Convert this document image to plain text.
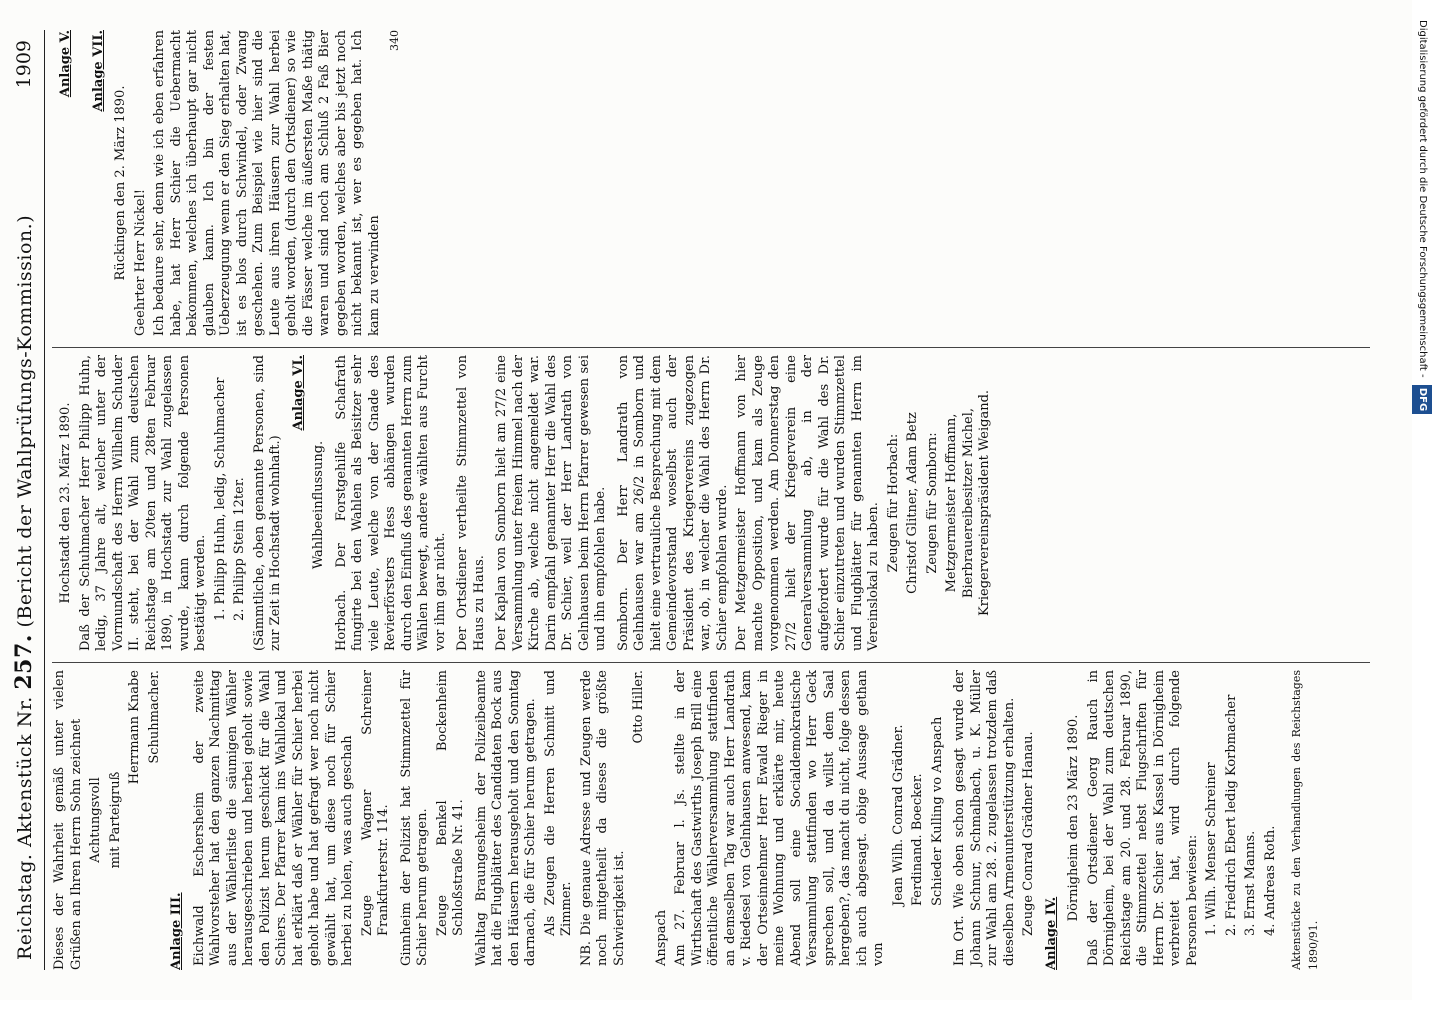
Reichstag. Aktenstück Nr. 257. (Bericht der Wahlprüfungs-Kommission.)
1909

Dieses der Wahrheit gemäß unter vielen Grüßen an Ihren Herrn Sohn zeichnet Achtungsvoll mit Parteigruß

Herrmann Knabe Schuhmacher.

Anlage III. Eichwald Eschersheim der zweite Wahlvorsteher hat den ganzen Nachmittag aus der Wählerliste die säumigen Wähler herausgeschrieben und herbei geholt sowie den Polizist herum geschickt für die Wahl Schiers. Der Pfarrer kam ins Wahllokal und hat erklärt daß er Wähler für Schier herbei geholt habe und hat gefragt wer noch nicht gewählt hat, um diese noch für Schier herbei zu holen, was auch geschah Zeuge Wagner Schreiner Frankfurterstr. 114. Ginnheim der Polizist hat Stimmzettel für Schier herum getragen. Zeuge Benkel Bockenheim Schloßstraße Nr. 41. Wahltag Braungesheim der Polizeibeamte hat die Flugblätter des Candidaten Bock aus den Häusern herausgeholt und den Sonntag darnach, die für Schier herum getragen. Als Zeugen die Herren Schmitt und Zimmer. NB. Die genaue Adresse und Zeugen werde noch mitgetheilt da dieses die größte Schwierigkeit ist.

Otto Hiller.

Anspach Am 27. Februar l. Js. stellte in der Wirthschaft des Gastwirths Joseph Brill eine öffentliche Wählerversammlung stattfinden an demselben Tag war auch Herr Landrath v. Riedesel von Gelnhausen anwesend, kam der Ortseinnehmer Herr Ewald Rieger in meine Wohnung und erklärte mir, heute Abend soll eine Socialdemokratische Versammlung stattfinden wo Herr Geck sprechen soll, und da willst dem Saal hergeben?, das macht du nicht, folge dessen ich auch abgesagt. obige Aussage gethan von

Jean Wilh. Conrad Grädner. Ferdinand. Boecker. Schieder Kulling vo Anspach Im Ort. Wie oben schon gesagt wurde der Johann Schnur, Schmalbach, u. K. Müller zur Wahl am 28. 2. zugelassen trotzdem daß dieselben Armenunterstützung erhalten. Zeuge Conrad Grädner Hanau. Anlage IV.

Dörnigheim den 23 März 1890. Daß der Ortsdiener Georg Rauch in Dörnigheim, bei der Wahl zum deutschen Reichstage am 20. und 28. Februar 1890, die Stimmzettel nebst Flugschriften für Herrn Dr. Schier aus Kassel in Dörnigheim verbreitet hat, wird durch folgende Personen bewiesen: 1. Wilh. Menser Schreiner 2. Friedrich Ebert ledig Korbmacher 3. Ernst Manns. 4. Andreas Roth. Aktenstücke zu den Verhandlungen des Reichstages 1890/91.

Hochstadt den 23. März 1890. Daß der Schuhmacher Herr Philipp Huhn, ledig, 37 Jahre alt, welcher unter der Vormundschaft des Herrn Wilhelm Schuder II. steht, bei der Wahl zum deutschen Reichstage am 20ten und 28ten Februar 1890, in Hochstadt zur Wahl zugelassen wurde, kann durch folgende Personen bestätigt werden. 1. Philipp Huhn, ledig, Schuhmacher 2. Philipp Stein 12ter. (Sämmtliche, oben genannte Personen, sind zur Zeit in Hochstadt wohnhaft.)

Anlage VI.

Wahlbeeinflussung. Horbach. Der Forstgehilfe Schafrath fungirte bei den Wahlen als Beisitzer sehr viele Leute, welche von der Gnade des Revierförsters Hess abhängen wurden durch den Einfluß des genannten Herrn zum Wählen bewegt, andere wählten aus Furcht vor ihm gar nicht. Der Ortsdiener vertheilte Stimmzettel von Haus zu Haus. Der Kaplan von Somborn hielt am 27/2 eine Versammlung unter freiem Himmel nach der Kirche ab, welche nicht angemeldet war. Darin empfahl genannter Herr die Wahl des Dr. Schier, weil der Herr Landrath von Gelnhausen beim Herrn Pfarrer gewesen sei und ihn empfohlen habe. Somborn. Der Herr Landrath von Gelnhausen war am 26/2 in Somborn und hielt eine vertrauliche Besprechung mit dem Gemeindevorstand woselbst auch der Präsident des Kriegervereins zugezogen war, ob, in welcher die Wahl des Herrn Dr. Schier empfohlen wurde. Der Metzgermeister Hoffmann von hier machte Opposition, und kam als Zeuge vorgenommen werden. Am Donnerstag den 27/2 hielt der Kriegerverein eine Generalversammlung ab, in der aufgefordert wurde für die Wahl des Dr. Schier einzutreten und wurden Stimmzettel und Flugblätter für genannten Herrn im Vereinslokal zu haben. Zeugen für Horbach: Christof Glitner, Adam Betz Zeugen für Somborn: Metzgermeister Hoffmann, Bierbrauereibesitzer Michel, Kriegervereinspräsident Weigand.

Anlage V. Anlage VII.

Rückingen den 2. März 1890. Geehrter Herr Nickel! Ich bedaure sehr, denn wie ich eben erfahren habe, hat Herr Schier die Uebermacht bekommen, welches ich überhaupt gar nicht glauben kann. Ich bin der festen Ueberzeugung wenn er den Sieg erhalten hat, ist es blos durch Schwindel, oder Zwang geschehen. Zum Beispiel wie hier sind die Leute aus ihren Häusern zur Wahl herbei geholt worden, (durch den Ortsdiener) so wie die Fässer welche im äußersten Maße thätig waren und sind noch am Schluß 2 Faß Bier gegeben worden, welches aber bis jetzt noch nicht bekannt ist, wer es gegeben hat. Ich kam zu verwinden

340	Digitalisierung gefördert durch die Deutsche Forschungsgemeinschaft - DFG
